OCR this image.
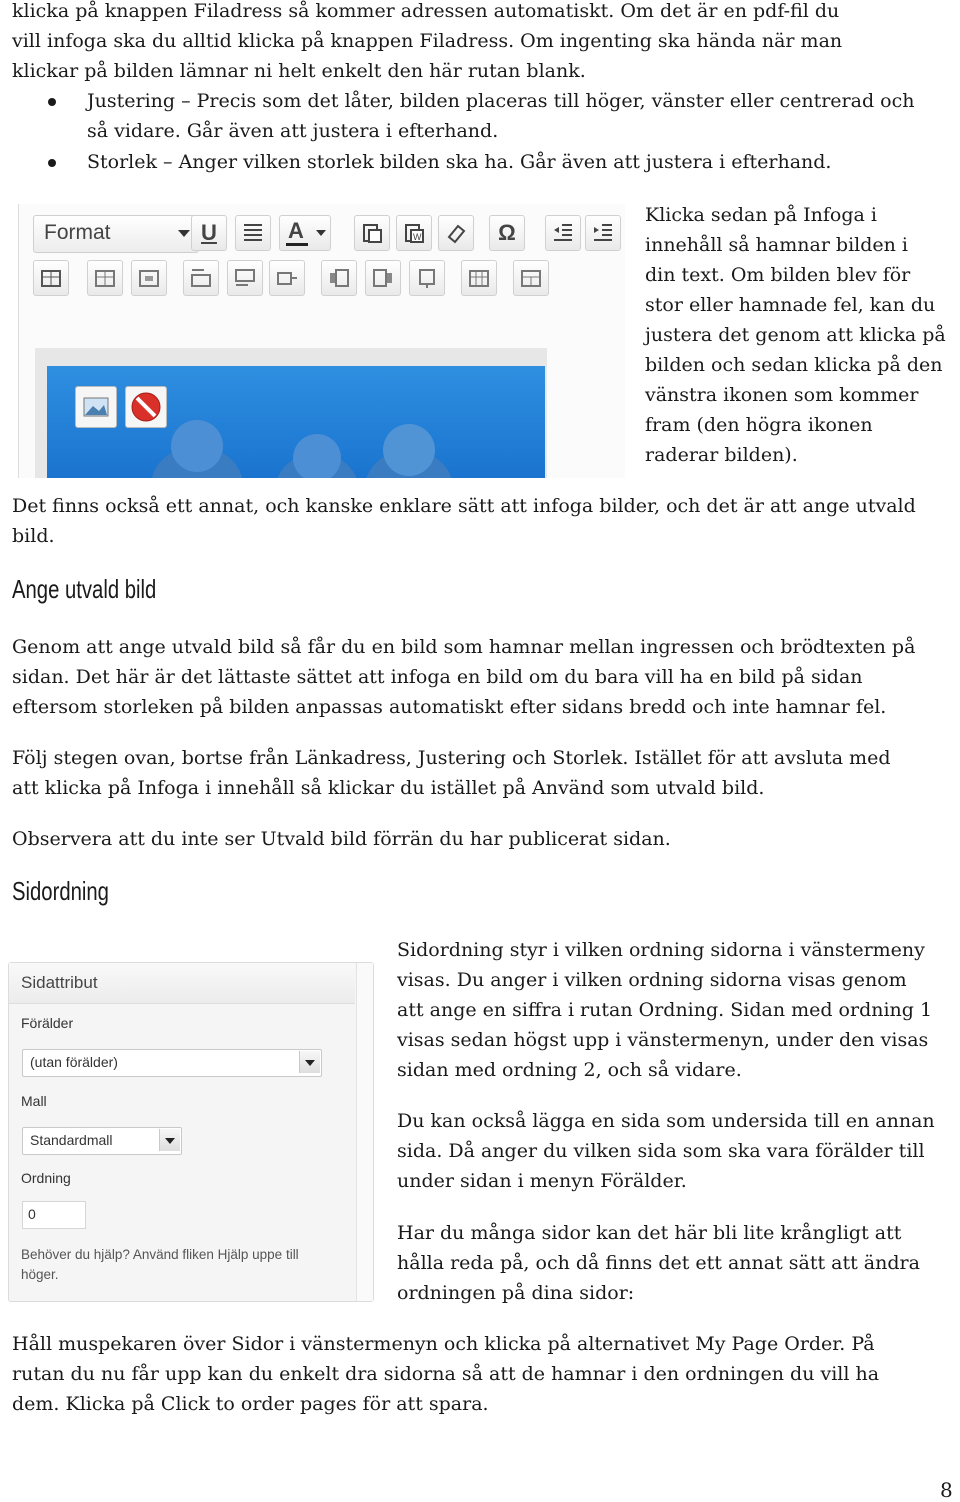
klicka på knappen Filadress så kommer adressen automatiskt. Om det är en pdf-fil du
vill infoga ska du alltid klicka på knappen Filadress. Om ingenting ska hända när man
klickar på bilden lämnar ni helt enkelt den här rutan blank.
Justering – Precis som det låter, bilden placeras till höger, vänster eller centrerad och
så vidare. Går även att justera i efterhand.
Storlek – Anger vilken storlek bilden ska ha. Går även att justera i efterhand.
Format	U	A	W	Ω
Klicka sedan på Infoga i
innehåll så hamnar bilden i
din text. Om bilden blev för
stor eller hamnade fel, kan du
justera det genom att klicka på
bilden och sedan klicka på den
vänstra ikonen som kommer
fram (den högra ikonen
raderar bilden).
Det finns också ett annat, och kanske enklare sätt att infoga bilder, och det är att ange utvald
bild.
Ange utvald bild
Genom att ange utvald bild så får du en bild som hamnar mellan ingressen och brödtexten på
sidan. Det här är det lättaste sättet att infoga en bild om du bara vill ha en bild på sidan
eftersom storleken på bilden anpassas automatiskt efter sidans bredd och inte hamnar fel.
Följ stegen ovan, bortse från Länkadress, Justering och Storlek. Istället för att avsluta med
att klicka på Infoga i innehåll så klickar du istället på Använd som utvald bild.
Observera att du inte ser Utvald bild förrän du har publicerat sidan.
Sidordning
Sidattribut
Förälder
(utan förälder)
Mall
Standardmall
Ordning
0
Behöver du hjälp? Använd fliken Hjälp uppe till höger.
Sidordning styr i vilken ordning sidorna i vänstermeny
visas. Du anger i vilken ordning sidorna visas genom
att ange en siffra i rutan Ordning. Sidan med ordning 1
visas sedan högst upp i vänstermenyn, under den visas
sidan med ordning 2, och så vidare.
Du kan också lägga en sida som undersida till en annan
sida. Då anger du vilken sida som ska vara förälder till
under sidan i menyn Förälder.
Har du många sidor kan det här bli lite krångligt att
hålla reda på, och då finns det ett annat sätt att ändra
ordningen på dina sidor:
Håll muspekaren över Sidor i vänstermenyn och klicka på alternativet My Page Order. På
rutan du nu får upp kan du enkelt dra sidorna så att de hamnar i den ordningen du vill ha
dem. Klicka på Click to order pages för att spara.
8
